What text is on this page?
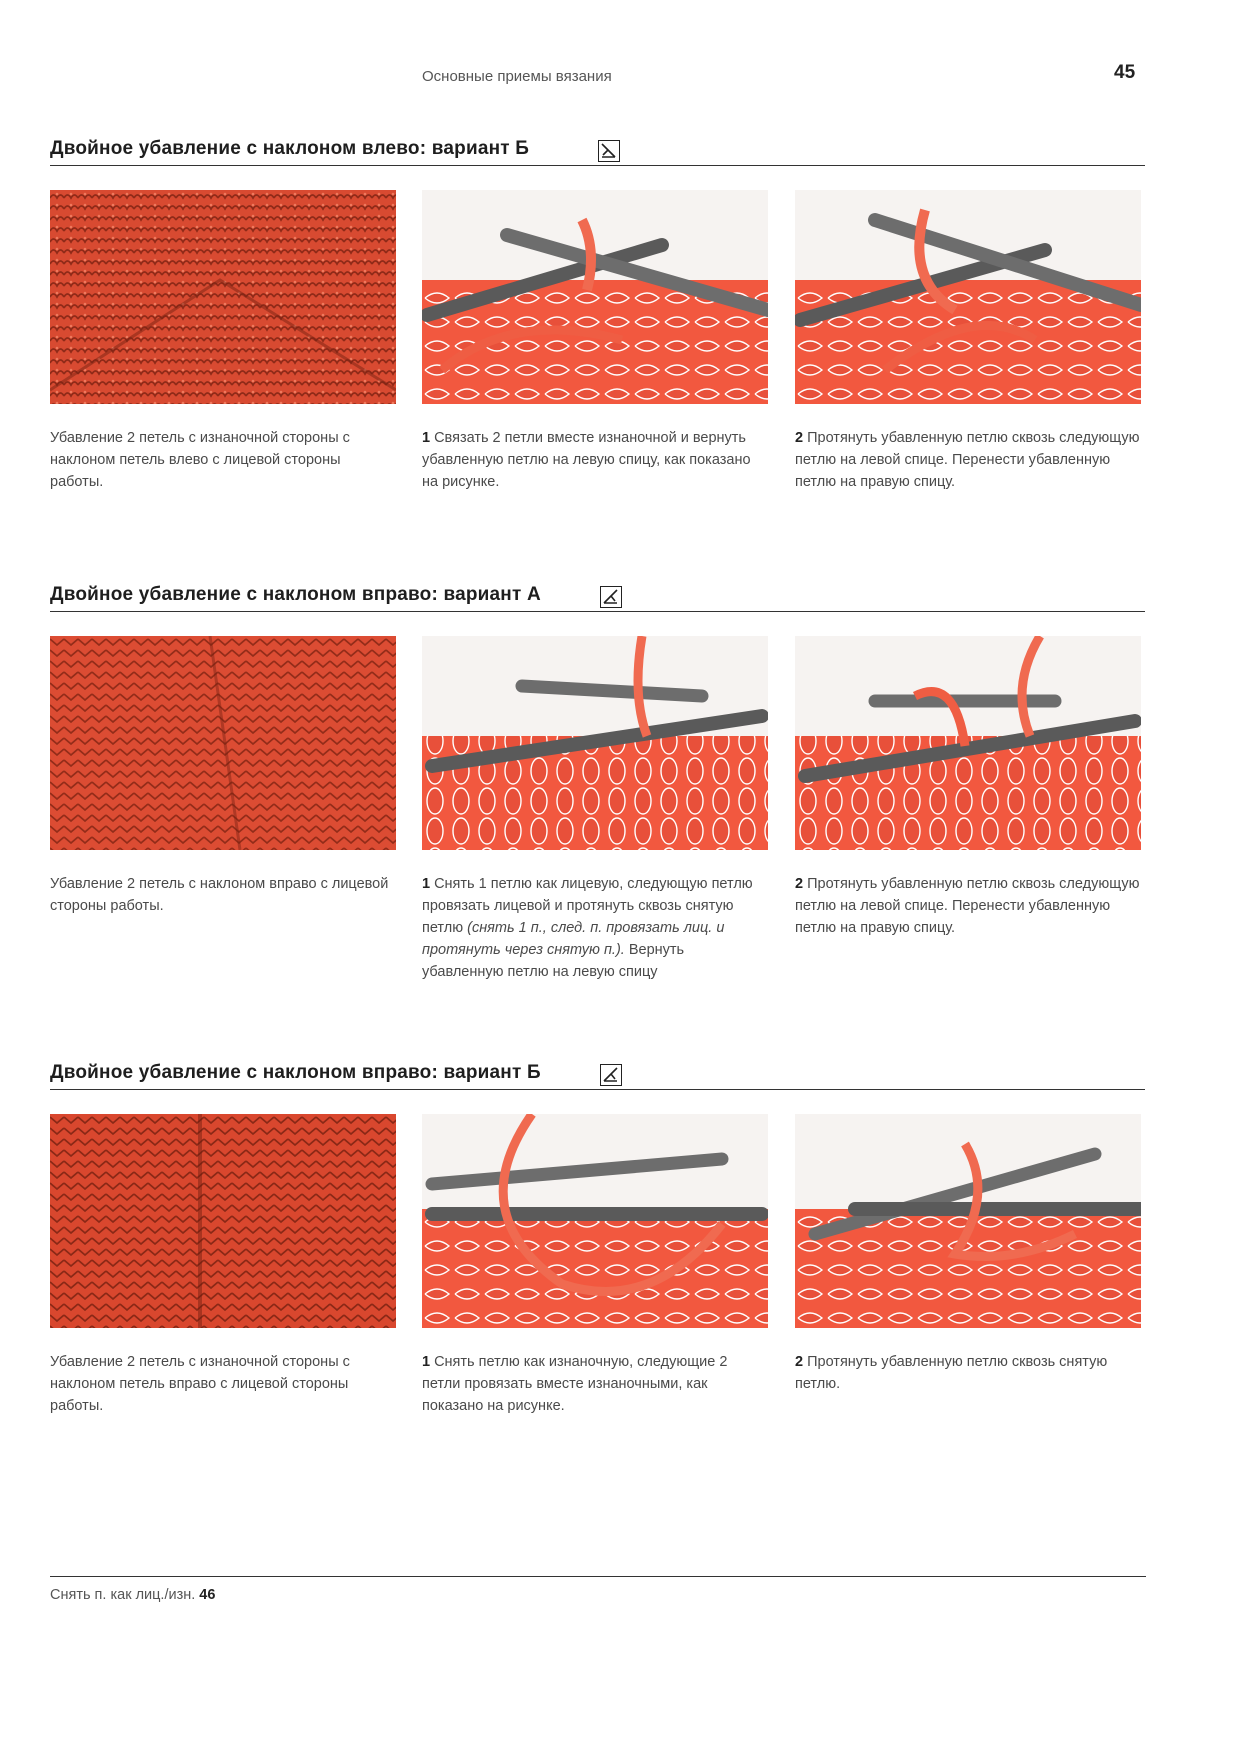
Основные приемы вязания	45
Двойное убавление с наклоном влево: вариант Б
Убавление 2 петель с изнаночной стороны с наклоном петель влево с лицевой стороны работы.
1 Связать 2 петли вместе изнаночной и вернуть убавленную петлю на левую спицу, как показано на рисунке.
2 Протянуть убавленную петлю сквозь следующую петлю на левой спице. Перенести убавленную петлю на правую спицу.
Двойное убавление с наклоном вправо: вариант А
Убавление 2 петель с наклоном вправо с лицевой стороны работы.
1 Снять 1 петлю как лицевую, следующую петлю провязать лицевой и протянуть сквозь снятую петлю (снять 1 п., след. п. провязать лиц. и протянуть через снятую п.). Вернуть убавленную петлю на левую спицу
2 Протянуть убавленную петлю сквозь следующую петлю на левой спице. Перенести убавленную петлю на правую спицу.
Двойное убавление с наклоном вправо: вариант Б
Убавление 2 петель с изнаночной стороны с наклоном петель вправо с лицевой стороны работы.
1 Снять петлю как изнаночную, следующие 2 петли провязать вместе изнаночными, как показано на рисунке.
2 Протянуть убавленную петлю сквозь снятую петлю.
Снять п. как лиц./изн. 46
